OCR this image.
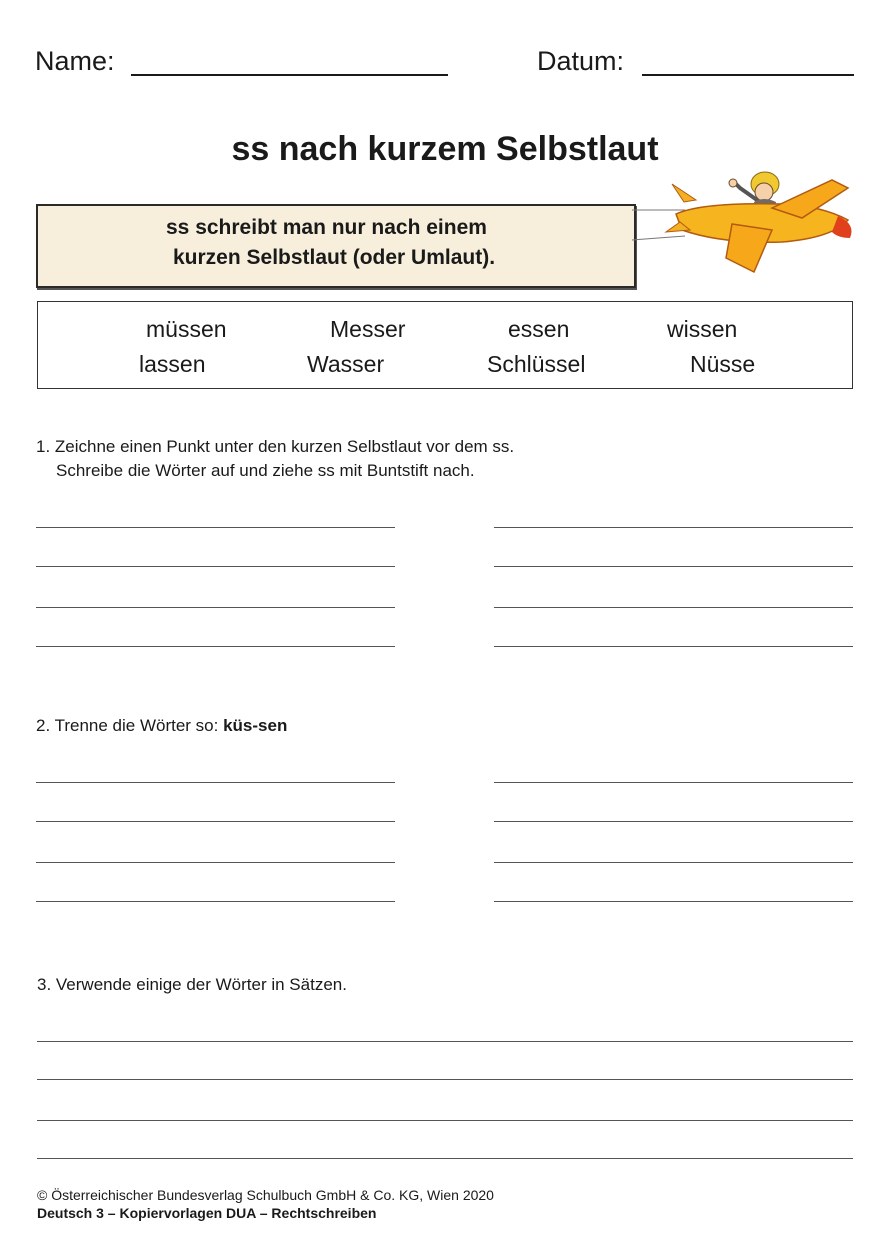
Name:	Datum:
ss nach kurzem Selbstlaut
ss schreibt man nur nach einem
kurzen Selbstlaut (oder Umlaut).
müssen	Messer	essen	wissen
lassen	Wasser	Schlüssel	Nüsse
1. Zeichne einen Punkt unter den kurzen Selbstlaut vor dem ss.
Schreibe die Wörter auf und ziehe ss mit Buntstift nach.
2. Trenne die Wörter so: küs-sen
3. Verwende einige der Wörter in Sätzen.
© Österreichischer Bundesverlag Schulbuch GmbH & Co. KG, Wien 2020
Deutsch 3 – Kopiervorlagen DUA – Rechtschreiben
